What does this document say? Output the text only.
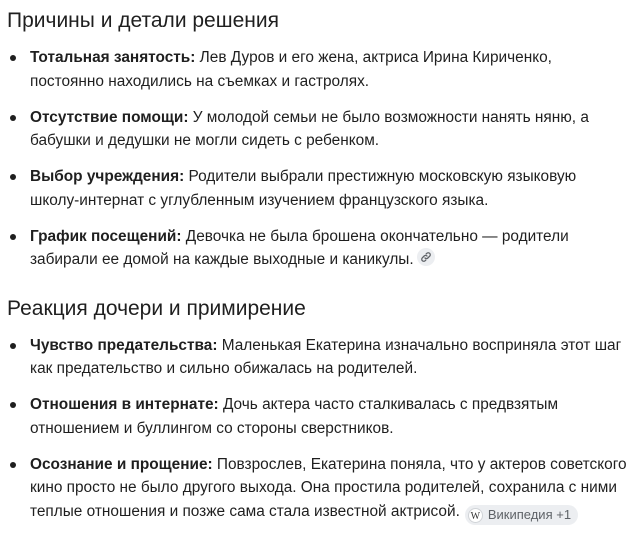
Причины и детали решения
Тотальная занятость: Лев Дуров и его жена, актриса Ирина Кириченко, постоянно находились на съемках и гастролях.
Отсутствие помощи: У молодой семьи не было возможности нанять няню, а бабушки и дедушки не могли сидеть с ребенком.
Выбор учреждения: Родители выбрали престижную московскую языковую школу-интернат с углубленным изучением французского языка.
График посещений: Девочка не была брошена окончательно — родители забирали ее домой на каждые выходные и каникулы.
Реакция дочери и примирение
Чувство предательства: Маленькая Екатерина изначально восприняла этот шаг как предательство и сильно обижалась на родителей.
Отношения в интернате: Дочь актера часто сталкивалась с предвзятым отношением и буллингом со стороны сверстников.
Осознание и прощение: Повзрослев, Екатерина поняла, что у актеров советского кино просто не было другого выхода. Она простила родителей, сохранила с ними теплые отношения и позже сама стала известной актрисой. W Википедия +1
